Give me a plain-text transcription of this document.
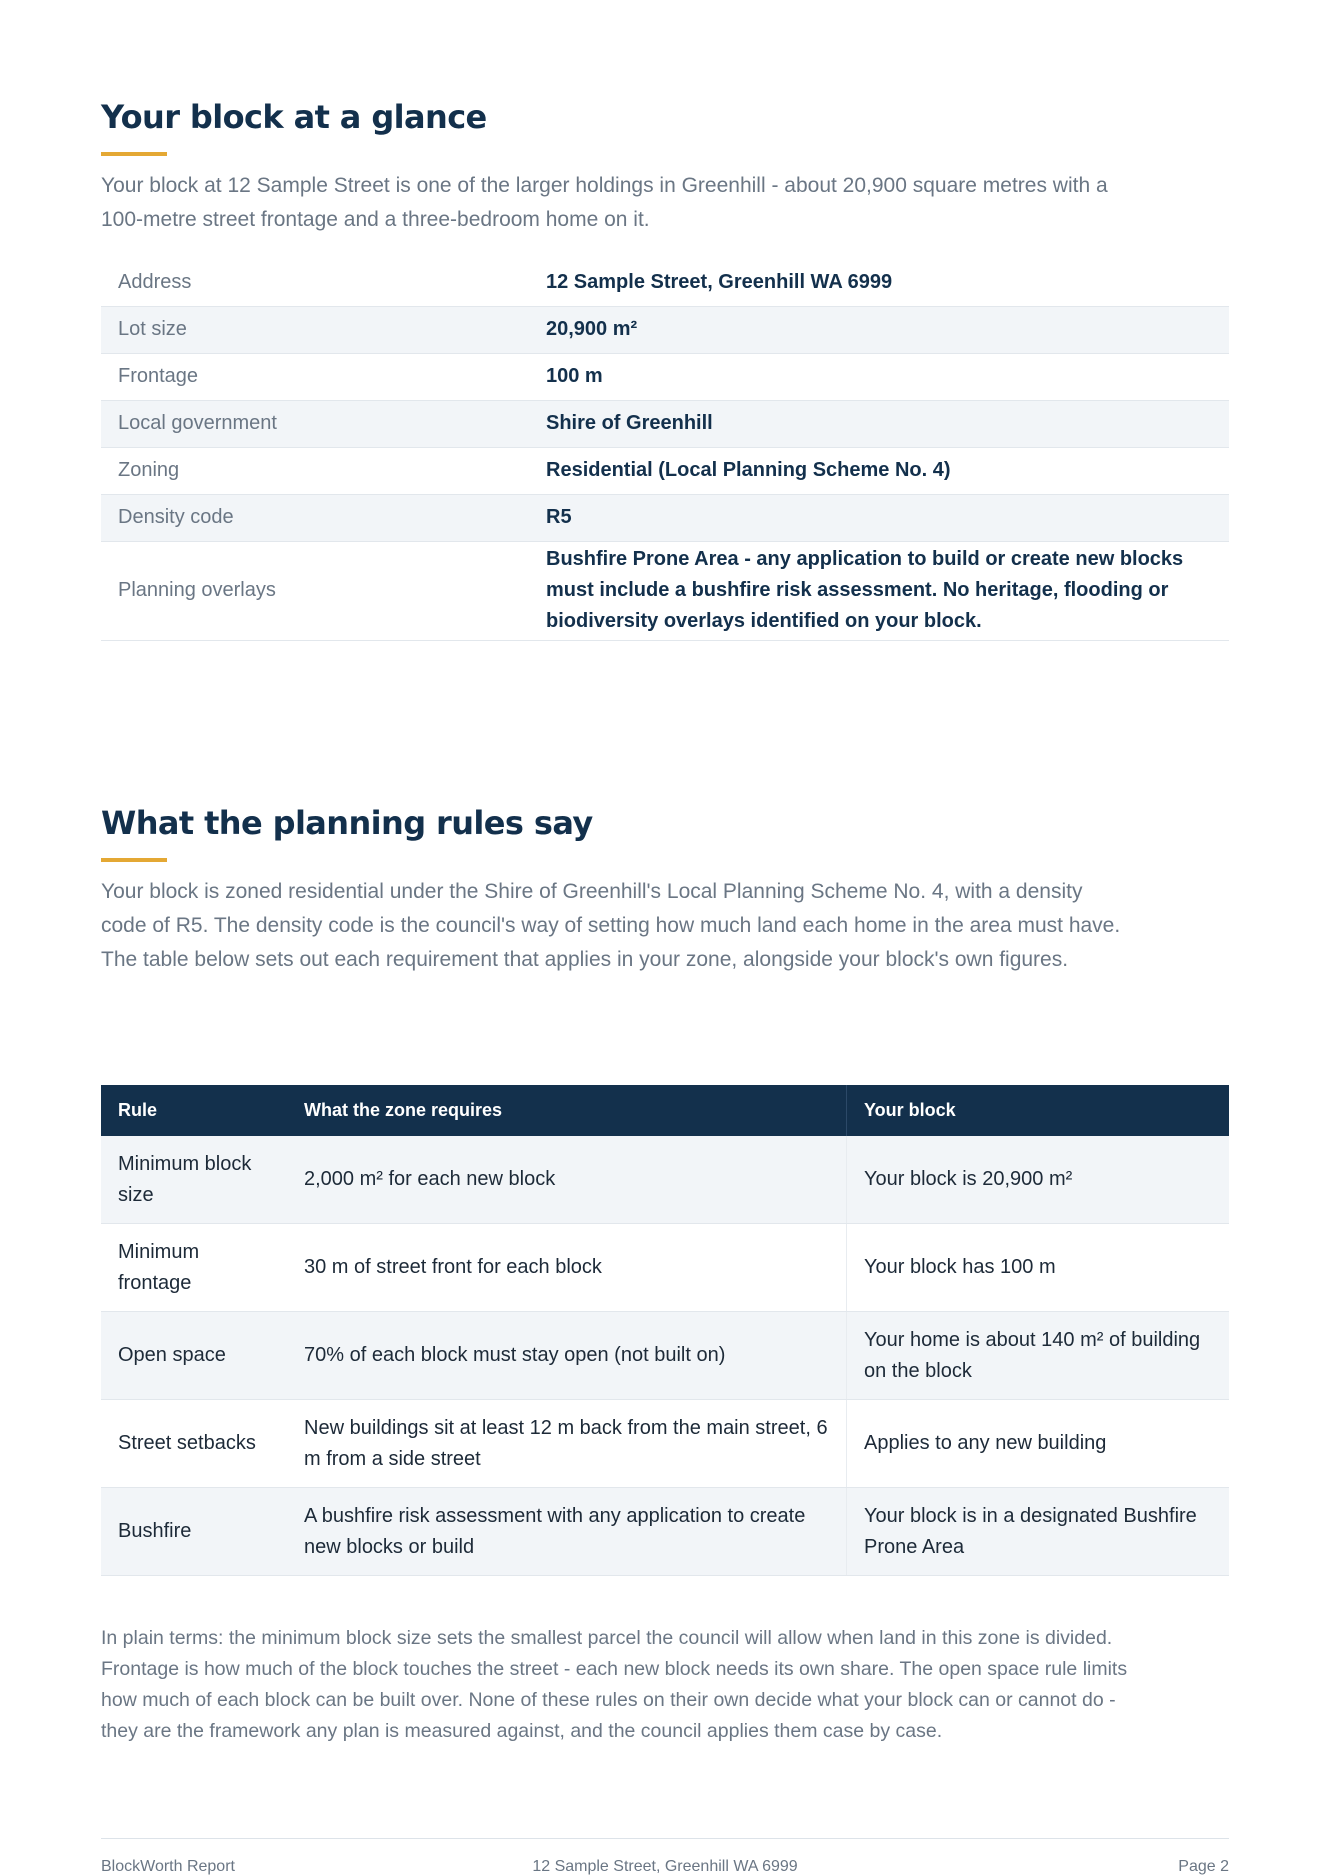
Your block at a glance

Your block at 12 Sample Street is one of the larger holdings in Greenhill - about 20,900 square metres with a 100-metre street frontage and a three-bedroom home on it.

Address	12 Sample Street, Greenhill WA 6999
Lot size	20,900 m²
Frontage	100 m
Local government	Shire of Greenhill
Zoning	Residential (Local Planning Scheme No. 4)
Density code	R5
Planning overlays	Bushfire Prone Area - any application to build or create new blocks must include a bushfire risk assessment. No heritage, flooding or biodiversity overlays identified on your block.
What the planning rules say

Your block is zoned residential under the Shire of Greenhill's Local Planning Scheme No. 4, with a density code of R5. The density code is the council's way of setting how much land each home in the area must have. The table below sets out each requirement that applies in your zone, alongside your block's own figures.

Rule	What the zone requires	Your block
Minimum block size	2,000 m² for each new block	Your block is 20,900 m²
Minimum frontage	30 m of street front for each block	Your block has 100 m
Open space	70% of each block must stay open (not built on)	Your home is about 140 m² of building on the block
Street setbacks	New buildings sit at least 12 m back from the main street, 6 m from a side street	Applies to any new building
Bushfire	A bushfire risk assessment with any application to create new blocks or build	Your block is in a designated Bushfire Prone Area

In plain terms: the minimum block size sets the smallest parcel the council will allow when land in this zone is divided. Frontage is how much of the block touches the street - each new block needs its own share. The open space rule limits how much of each block can be built over. None of these rules on their own decide what your block can or cannot do - they are the framework any plan is measured against, and the council applies them case by case.

BlockWorth Report	12 Sample Street, Greenhill WA 6999	Page 2
